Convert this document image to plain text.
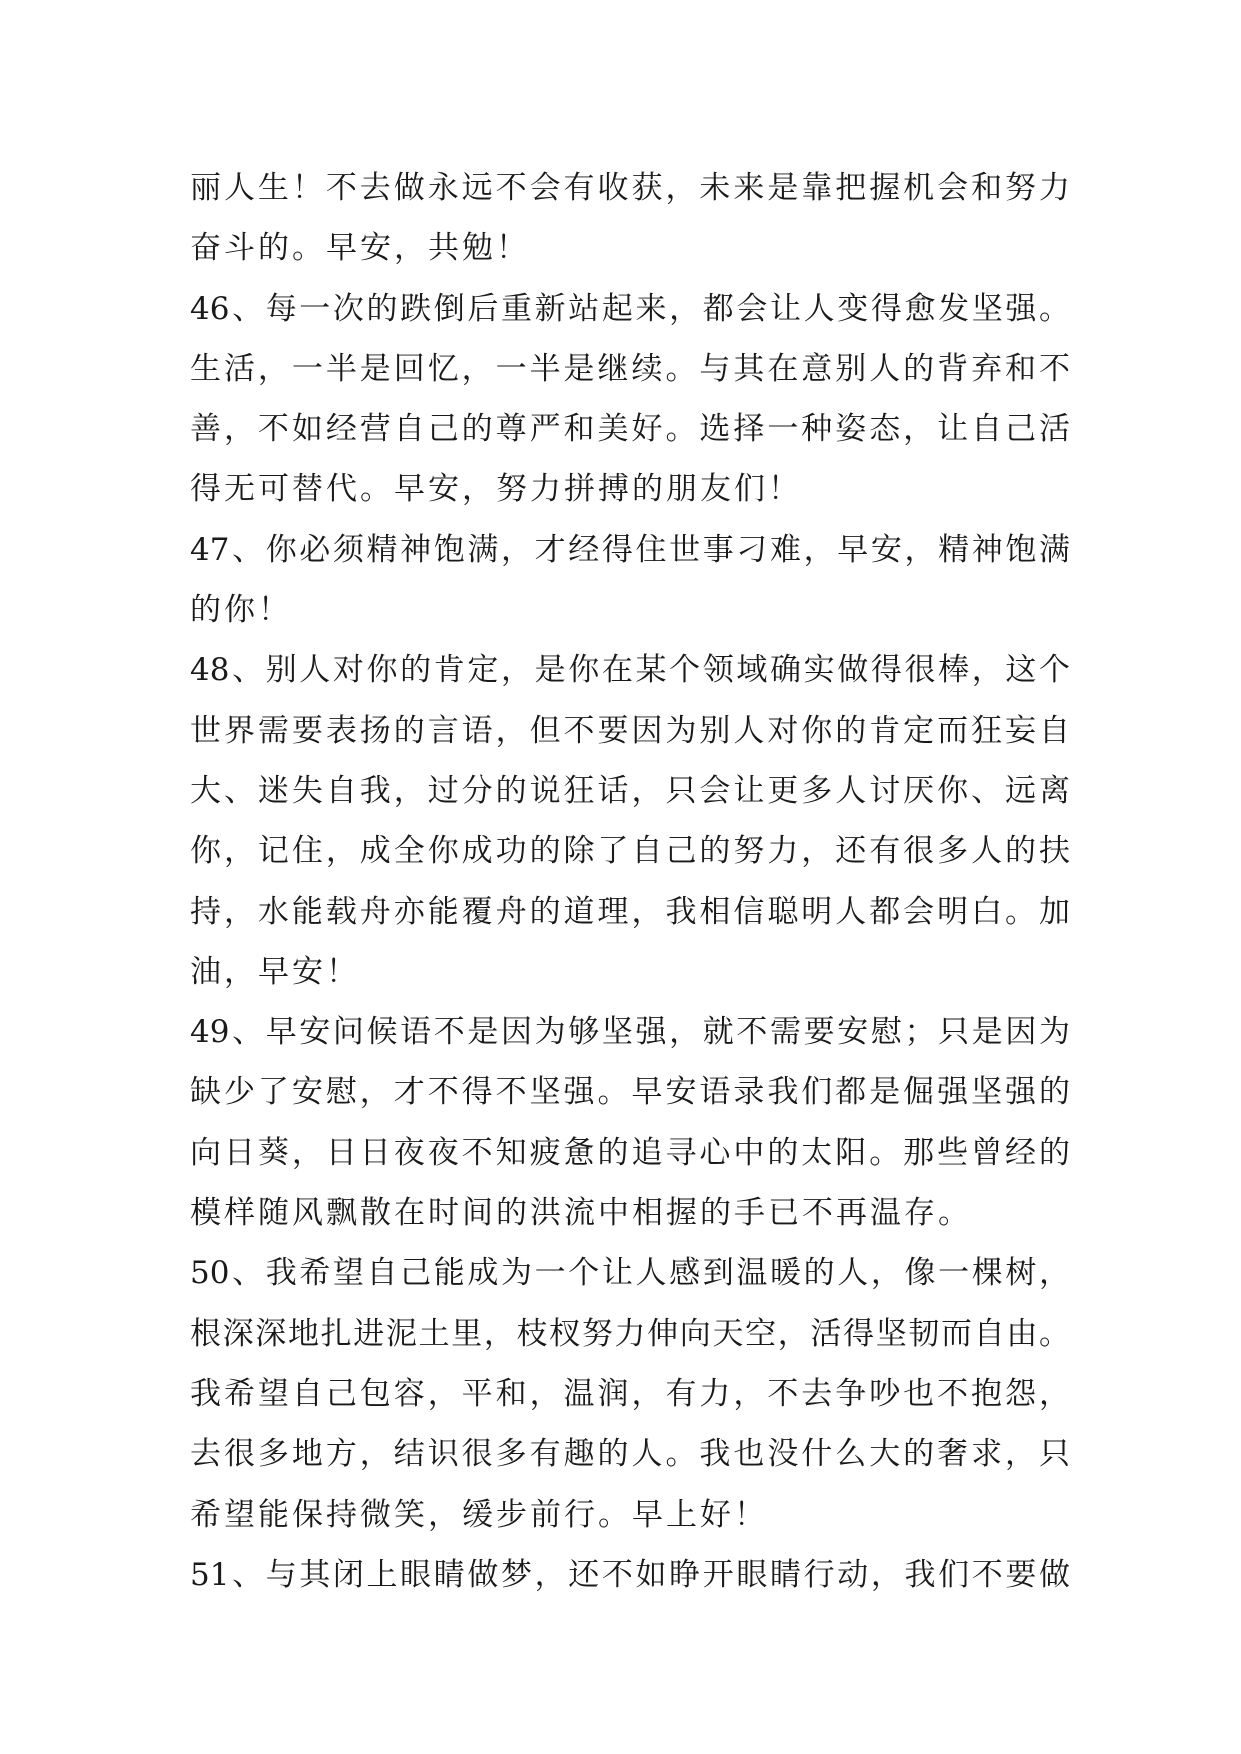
丽人生！不去做永远不会有收获，未来是靠把握机会和努力
奋斗的。早安，共勉！
46、每一次的跌倒后重新站起来，都会让人变得愈发坚强。
生活，一半是回忆，一半是继续。与其在意别人的背弃和不
善，不如经营自己的尊严和美好。选择一种姿态，让自己活
得无可替代。早安，努力拼搏的朋友们！
47、你必须精神饱满，才经得住世事刁难，早安，精神饱满
的你！
48、别人对你的肯定，是你在某个领域确实做得很棒，这个
世界需要表扬的言语，但不要因为别人对你的肯定而狂妄自
大、迷失自我，过分的说狂话，只会让更多人讨厌你、远离
你，记住，成全你成功的除了自己的努力，还有很多人的扶
持，水能载舟亦能覆舟的道理，我相信聪明人都会明白。加
油，早安！
49、早安问候语不是因为够坚强，就不需要安慰；只是因为
缺少了安慰，才不得不坚强。早安语录我们都是倔强坚强的
向日葵，日日夜夜不知疲惫的追寻心中的太阳。那些曾经的
模样随风飘散在时间的洪流中相握的手已不再温存。
50、我希望自己能成为一个让人感到温暖的人，像一棵树，
根深深地扎进泥土里，枝杈努力伸向天空，活得坚韧而自由。
我希望自己包容，平和，温润，有力，不去争吵也不抱怨，
去很多地方，结识很多有趣的人。我也没什么大的奢求，只
希望能保持微笑，缓步前行。早上好！
51、与其闭上眼睛做梦，还不如睁开眼睛行动，我们不要做
